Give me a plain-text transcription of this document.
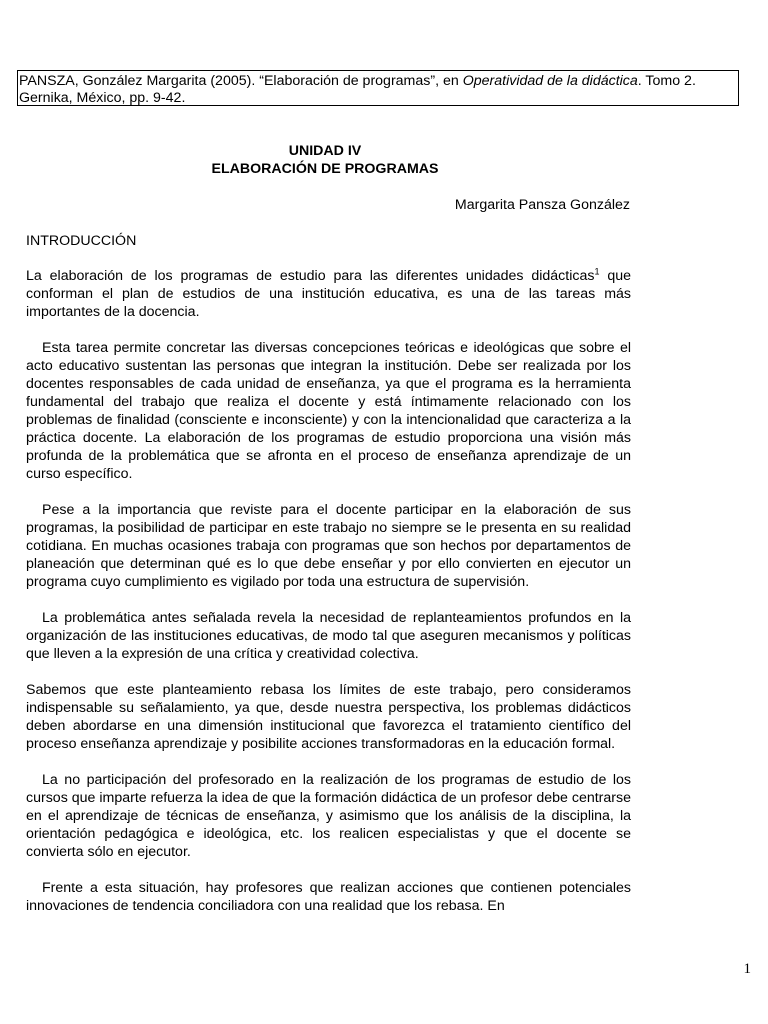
PANSZA, González Margarita (2005). “Elaboración de programas”, en Operatividad de la didáctica. Tomo 2. Gernika, México, pp. 9-42.
UNIDAD IV
ELABORACIÓN DE PROGRAMAS
Margarita Pansza González
INTRODUCCIÓN

La elaboración de los programas de estudio para las diferentes unidades didácticas$^1$ que conforman el plan de estudios de una institución educativa, es una de las tareas más importantes de la docencia.

Esta tarea permite concretar las diversas concepciones teóricas e ideológicas que sobre el acto educativo sustentan las personas que integran la institución. Debe ser realizada por los docentes responsables de cada unidad de enseñanza, ya que el programa es la herramienta fundamental del trabajo que realiza el docente y está íntimamente relacionado con los problemas de finalidad (consciente e inconsciente) y con la intencionalidad que caracteriza a la práctica docente. La elaboración de los programas de estudio proporciona una visión más profunda de la problemática que se afronta en el proceso de enseñanza aprendizaje de un curso específico.

Pese a la importancia que reviste para el docente participar en la elaboración de sus programas, la posibilidad de participar en este trabajo no siempre se le presenta en su realidad cotidiana. En muchas ocasiones trabaja con programas que son hechos por departamentos de planeación que determinan qué es lo que debe enseñar y por ello convierten en ejecutor un programa cuyo cumplimiento es vigilado por toda una estructura de supervisión.

La problemática antes señalada revela la necesidad de replanteamientos profundos en la organización de las instituciones educativas, de modo tal que aseguren mecanismos y políticas que lleven a la expresión de una crítica y creatividad colectiva.

Sabemos que este planteamiento rebasa los límites de este trabajo, pero consideramos indispensable su señalamiento, ya que, desde nuestra perspectiva, los problemas didácticos deben abordarse en una dimensión institucional que favorezca el tratamiento científico del proceso enseñanza aprendizaje y posibilite acciones transformadoras en la educación formal.

La no participación del profesorado en la realización de los programas de estudio de los cursos que imparte refuerza la idea de que la formación didáctica de un profesor debe centrarse en el aprendizaje de técnicas de enseñanza, y asimismo que los análisis de la disciplina, la orientación pedagógica e ideológica, etc. los realicen especialistas y que el docente se convierta sólo en ejecutor.

Frente a esta situación, hay profesores que realizan acciones que contienen potenciales innovaciones de tendencia conciliadora con una realidad que los rebasa. En

1
